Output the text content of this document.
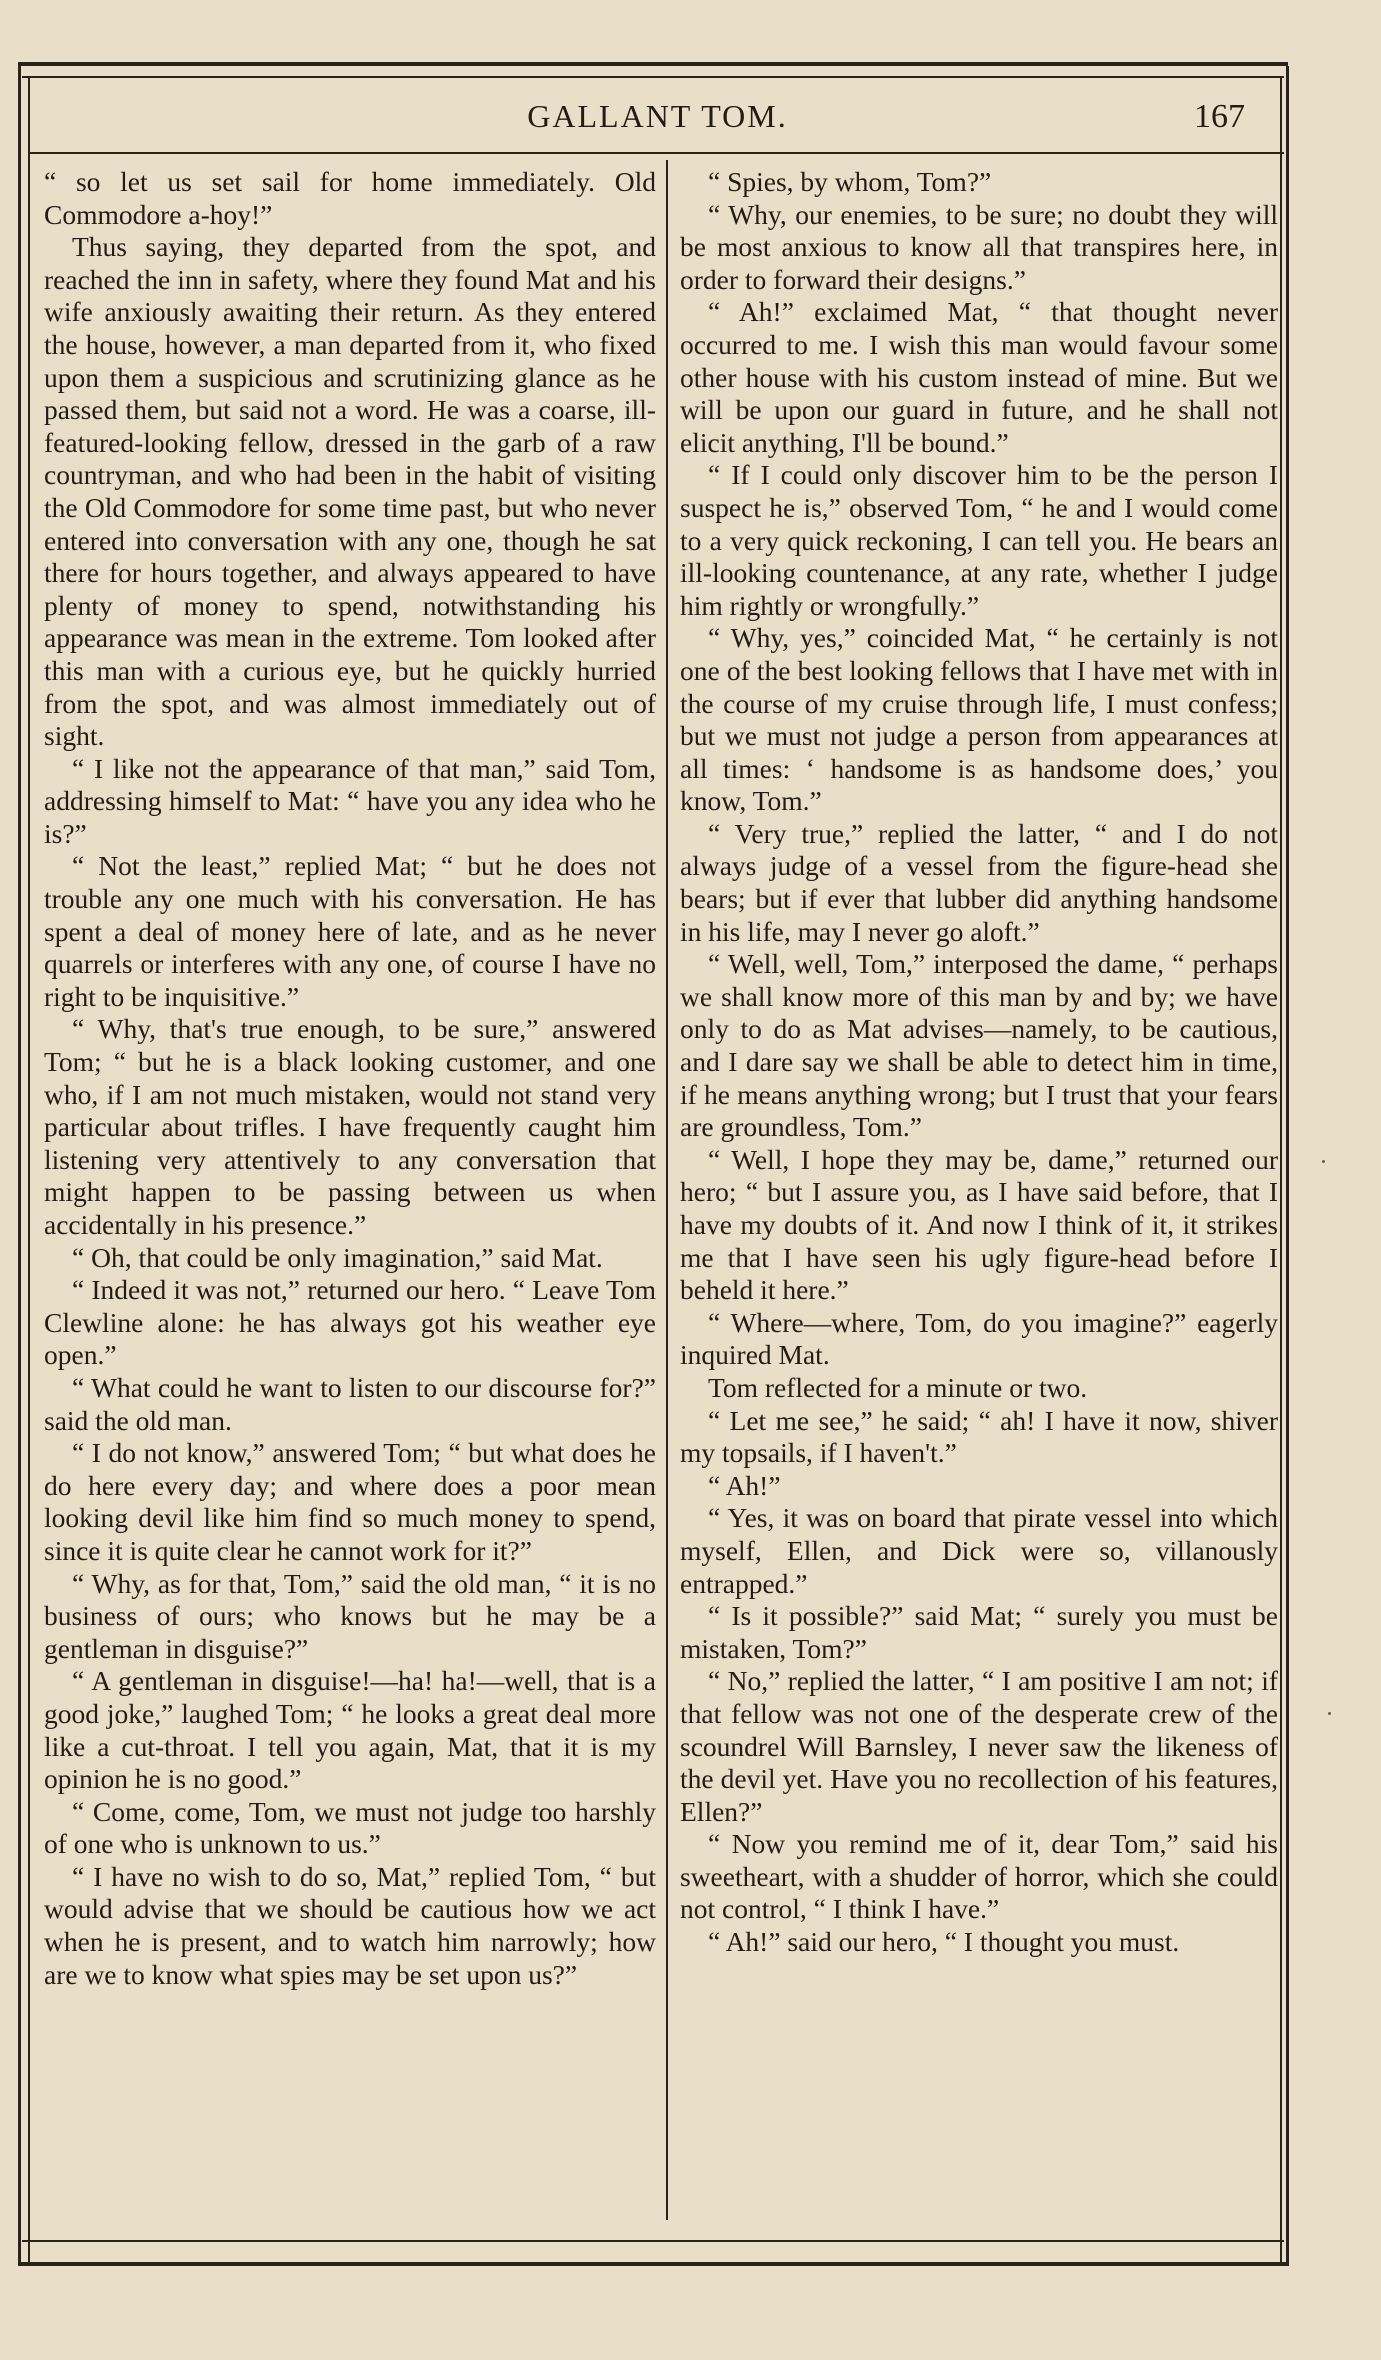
GALLANT TOM.	167

“ so let us set sail for home immediately. Old Commodore a-hoy!”

Thus saying, they departed from the spot, and reached the inn in safety, where they found Mat and his wife anxiously awaiting their return. As they entered the house, however, a man departed from it, who fixed upon them a suspicious and scrutinizing glance as he passed them, but said not a word. He was a coarse, ill-featured-looking fellow, dressed in the garb of a raw countryman, and who had been in the habit of visiting the Old Commodore for some time past, but who never entered into conversation with any one, though he sat there for hours together, and always appeared to have plenty of money to spend, notwithstanding his appearance was mean in the extreme. Tom looked after this man with a curious eye, but he quickly hurried from the spot, and was almost immediately out of sight.

“ I like not the appearance of that man,” said Tom, addressing himself to Mat: “ have you any idea who he is?”

“ Not the least,” replied Mat; “ but he does not trouble any one much with his conversation. He has spent a deal of money here of late, and as he never quarrels or interferes with any one, of course I have no right to be inquisitive.”

“ Why, that's true enough, to be sure,” answered Tom; “ but he is a black looking customer, and one who, if I am not much mistaken, would not stand very particular about trifles. I have frequently caught him listening very attentively to any conversation that might happen to be passing between us when accidentally in his presence.”

“ Oh, that could be only imagination,” said Mat.

“ Indeed it was not,” returned our hero. “ Leave Tom Clewline alone: he has always got his weather eye open.”

“ What could he want to listen to our discourse for?” said the old man.

“ I do not know,” answered Tom; “ but what does he do here every day; and where does a poor mean looking devil like him find so much money to spend, since it is quite clear he cannot work for it?”

“ Why, as for that, Tom,” said the old man, “ it is no business of ours; who knows but he may be a gentleman in disguise?”

“ A gentleman in disguise!—ha! ha!—well, that is a good joke,” laughed Tom; “ he looks a great deal more like a cut-throat. I tell you again, Mat, that it is my opinion he is no good.”

“ Come, come, Tom, we must not judge too harshly of one who is unknown to us.”

“ I have no wish to do so, Mat,” replied Tom, “ but would advise that we should be cautious how we act when he is present, and to watch him narrowly; how are we to know what spies may be set upon us?”

“ Spies, by whom, Tom?”

“ Why, our enemies, to be sure; no doubt they will be most anxious to know all that transpires here, in order to forward their designs.”

“ Ah!” exclaimed Mat, “ that thought never occurred to me. I wish this man would favour some other house with his custom instead of mine. But we will be upon our guard in future, and he shall not elicit anything, I'll be bound.”

“ If I could only discover him to be the person I suspect he is,” observed Tom, “ he and I would come to a very quick reckoning, I can tell you. He bears an ill-looking countenance, at any rate, whether I judge him rightly or wrongfully.”

“ Why, yes,” coincided Mat, “ he certainly is not one of the best looking fellows that I have met with in the course of my cruise through life, I must confess; but we must not judge a person from appearances at all times: ‘ handsome is as handsome does,’ you know, Tom.”

“ Very true,” replied the latter, “ and I do not always judge of a vessel from the figure-head she bears; but if ever that lubber did anything handsome in his life, may I never go aloft.”

“ Well, well, Tom,” interposed the dame, “ perhaps we shall know more of this man by and by; we have only to do as Mat advises—namely, to be cautious, and I dare say we shall be able to detect him in time, if he means anything wrong; but I trust that your fears are groundless, Tom.”

“ Well, I hope they may be, dame,” returned our hero; “ but I assure you, as I have said before, that I have my doubts of it. And now I think of it, it strikes me that I have seen his ugly figure-head before I beheld it here.”

“ Where—where, Tom, do you imagine?” eagerly inquired Mat.

Tom reflected for a minute or two.

“ Let me see,” he said; “ ah! I have it now, shiver my topsails, if I haven't.”

“ Ah!”

“ Yes, it was on board that pirate vessel into which myself, Ellen, and Dick were so, villanously entrapped.”

“ Is it possible?” said Mat; “ surely you must be mistaken, Tom?”

“ No,” replied the latter, “ I am positive I am not; if that fellow was not one of the desperate crew of the scoundrel Will Barnsley, I never saw the likeness of the devil yet. Have you no recollection of his features, Ellen?”

“ Now you remind me of it, dear Tom,” said his sweetheart, with a shudder of horror, which she could not control, “ I think I have.”

“ Ah!” said our hero, “ I thought you must.
